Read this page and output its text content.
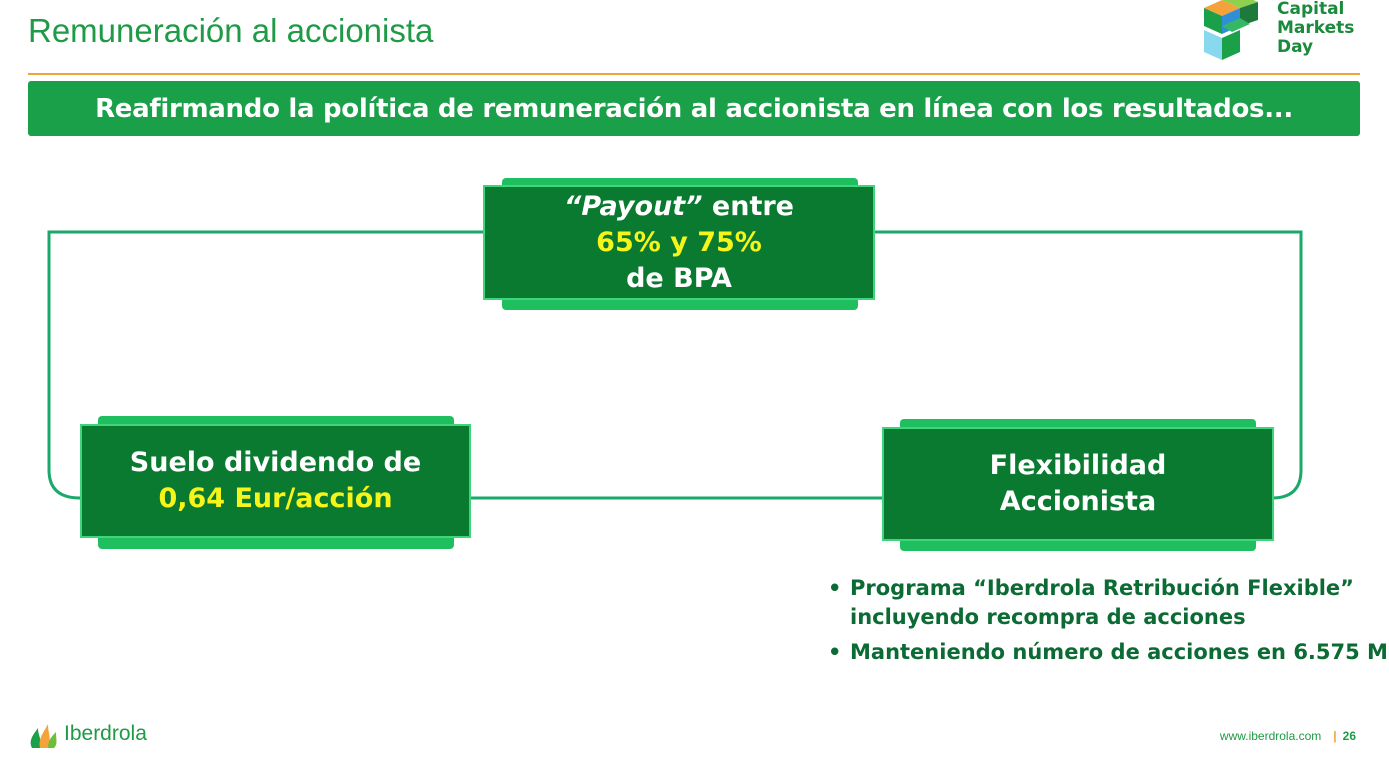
Remuneración al accionista
Capital
Markets
Day
Reafirmando la política de remuneración al accionista en línea con los resultados...
“Payout” entre
65% y 75%
de BPA
Suelo dividendo de
0,64 Eur/acción
Flexibilidad
Accionista
• Programa “Iberdrola Retribución Flexible” incluyendo recompra de acciones
• Manteniendo número de acciones en 6.575 M
Iberdrola	www.iberdrola.com | 26
